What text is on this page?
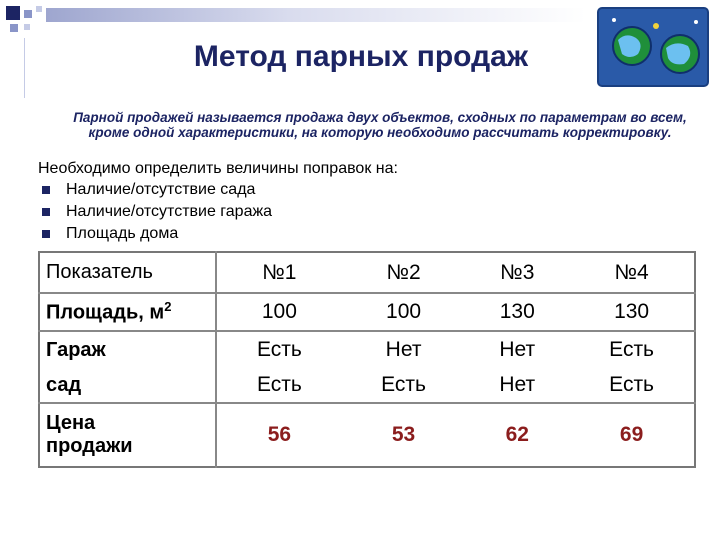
Метод парных продаж
Парной продажей называется продажа двух объектов, сходных по параметрам во всем, кроме одной характеристики, на которую необходимо рассчитать корректировку.
Необходимо определить величины поправок на:
Наличие/отсутствие сада
Наличие/отсутствие гаража
Площадь дома
Показатель	№1	№2	№3	№4
Площадь, $м^2$	100	100	130	130
Гараж	Есть	Нет	Нет	Есть
сад	Есть	Есть	Нет	Есть
Цена
продажи	56	53	62	69
